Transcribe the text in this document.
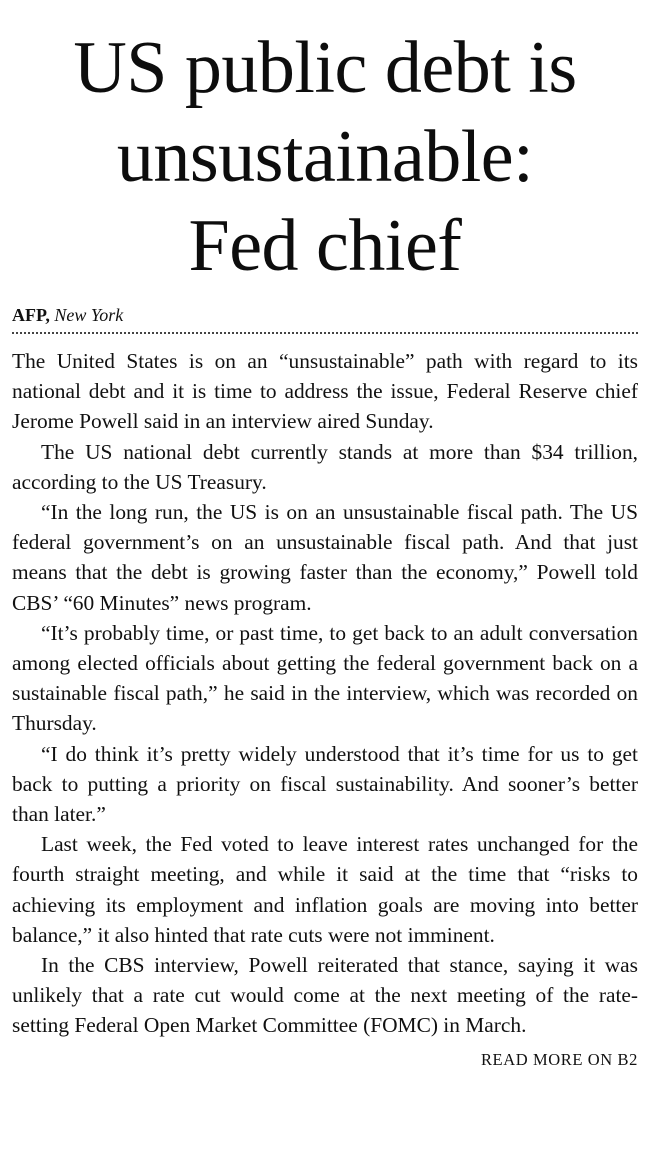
US public debt is
unsustainable:
Fed chief
AFP, New York

The United States is on an “unsustainable” path with regard to its national debt and it is time to address the issue, Federal Reserve chief Jerome Powell said in an interview aired Sunday.

The US national debt currently stands at more than $34 trillion, according to the US Treasury.

“In the long run, the US is on an unsustainable fiscal path. The US federal government’s on an unsustainable fiscal path. And that just means that the debt is growing faster than the economy,” Powell told CBS’ “60 Minutes” news program.

“It’s probably time, or past time, to get back to an adult conversation among elected officials about getting the federal government back on a sustainable fiscal path,” he said in the interview, which was recorded on Thursday.

“I do think it’s pretty widely understood that it’s time for us to get back to putting a priority on fiscal sustainability. And sooner’s better than later.”

Last week, the Fed voted to leave interest rates unchanged for the fourth straight meeting, and while it said at the time that “risks to achieving its employment and inflation goals are moving into better balance,” it also hinted that rate cuts were not imminent.

In the CBS interview, Powell reiterated that stance, saying it was unlikely that a rate cut would come at the next meeting of the rate-setting Federal Open Market Committee (FOMC) in March.

READ MORE ON B2
